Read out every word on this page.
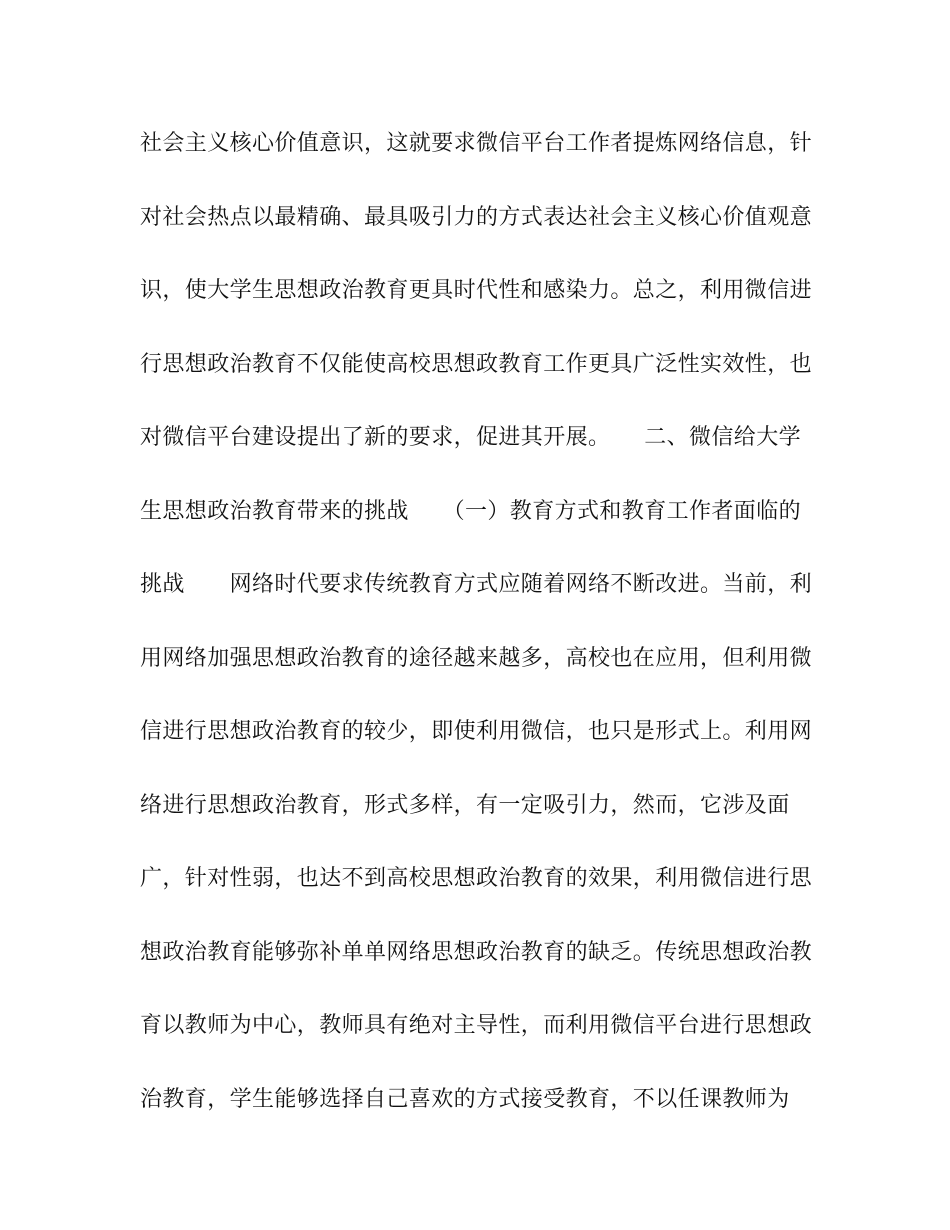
社会主义核心价值意识，这就要求微信平台工作者提炼网络信息，针
对社会热点以最精确、最具吸引力的方式表达社会主义核心价值观意
识，使大学生思想政治教育更具时代性和感染力。总之，利用微信进
行思想政治教育不仅能使高校思想政教育工作更具广泛性实效性，也
对微信平台建设提出了新的要求，促进其开展。　　二、微信给大学
生思想政治教育带来的挑战　　（一）教育方式和教育工作者面临的
挑战　　网络时代要求传统教育方式应随着网络不断改进。当前，利
用网络加强思想政治教育的途径越来越多，高校也在应用，但利用微
信进行思想政治教育的较少，即使利用微信，也只是形式上。利用网
络进行思想政治教育，形式多样，有一定吸引力，然而，它涉及面
广，针对性弱，也达不到高校思想政治教育的效果，利用微信进行思
想政治教育能够弥补单单网络思想政治教育的缺乏。传统思想政治教
育以教师为中心，教师具有绝对主导性，而利用微信平台进行思想政
治教育，学生能够选择自己喜欢的方式接受教育，不以任课教师为
